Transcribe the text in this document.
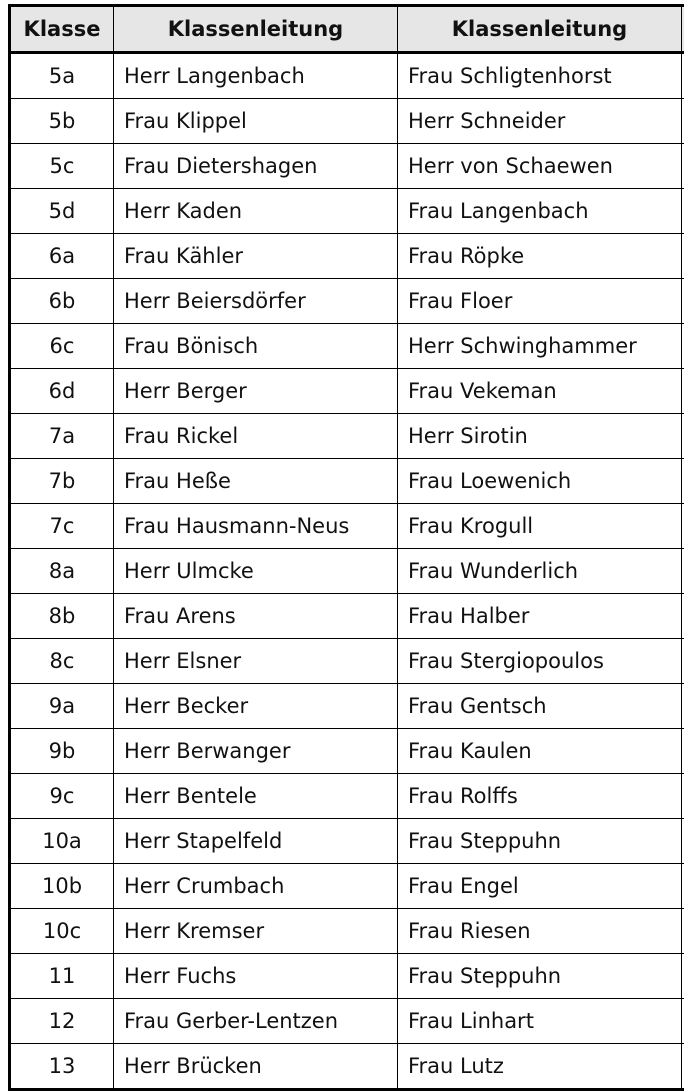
Klasse	Klassenleitung	Klassenleitung	
5a	Herr Langenbach	Frau Schligtenhorst	
5b	Frau Klippel	Herr Schneider	
5c	Frau Dietershagen	Herr von Schaewen	
5d	Herr Kaden	Frau Langenbach	
6a	Frau Kähler	Frau Röpke	
6b	Herr Beiersdörfer	Frau Floer	
6c	Frau Bönisch	Herr Schwinghammer	
6d	Herr Berger	Frau Vekeman	
7a	Frau Rickel	Herr Sirotin	
7b	Frau Heße	Frau Loewenich	
7c	Frau Hausmann-Neus	Frau Krogull	
8a	Herr Ulmcke	Frau Wunderlich	
8b	Frau Arens	Frau Halber	
8c	Herr Elsner	Frau Stergiopoulos	
9a	Herr Becker	Frau Gentsch	
9b	Herr Berwanger	Frau Kaulen	
9c	Herr Bentele	Frau Rolffs	
10a	Herr Stapelfeld	Frau Steppuhn	
10b	Herr Crumbach	Frau Engel	
10c	Herr Kremser	Frau Riesen	
11	Herr Fuchs	Frau Steppuhn	
12	Frau Gerber-Lentzen	Frau Linhart	
13	Herr Brücken	Frau Lutz	
